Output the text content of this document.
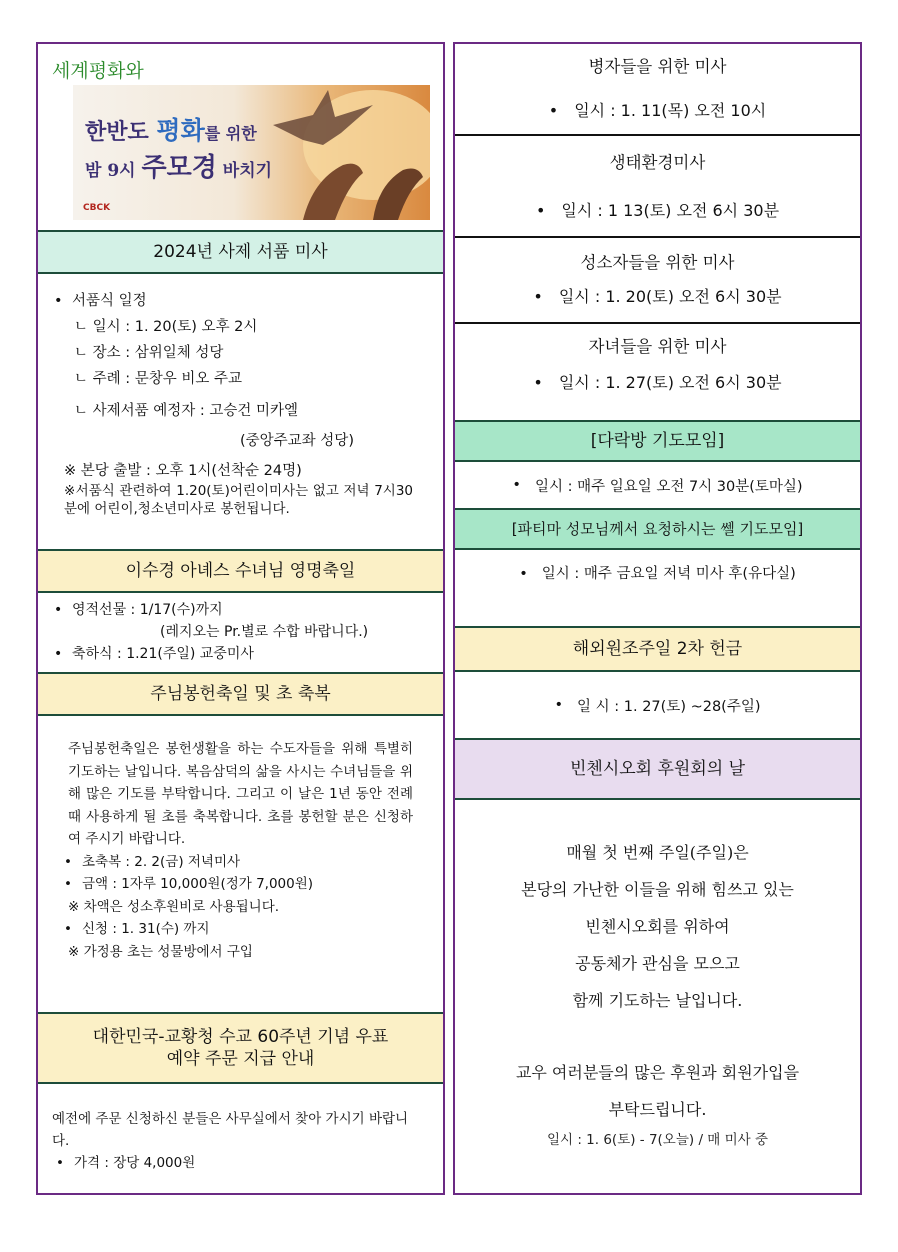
세계평화와
한반도 평화를 위한
밤 9시 주모경 바치기
CBCK
2024년 사제 서품 미사
• 서품식 일정
ㄴ 일시 : 1. 20(토) 오후 2시
ㄴ 장소 : 삼위일체 성당
ㄴ 주례 : 문창우 비오 주교
ㄴ 사제서품 예정자 : 고승건 미카엘
(중앙주교좌 성당)
※ 본당 출발 : 오후 1시(선착순 24명)
※서품식 관련하여 1.20(토)어린이미사는 없고 저녁 7시30분에 어린이,청소년미사로 봉헌됩니다.
이수경 아녜스 수녀님 영명축일
• 영적선물 : 1/17(수)까지
(레지오는 Pr.별로 수합 바랍니다.)
• 축하식 : 1.21(주일) 교중미사
주님봉헌축일 및 초 축복
주님봉헌축일은 봉헌생활을 하는 수도자들을 위해 특별히 기도하는 날입니다. 복음삼덕의 삶을 사시는 수녀님들을 위해 많은 기도를 부탁합니다. 그리고 이 날은 1년 동안 전례때 사용하게 될 초를 축복합니다. 초를 봉헌할 분은 신청하여 주시기 바랍니다.
• 초축복 : 2. 2(금) 저녁미사
• 금액 : 1자루 10,000원(정가 7,000원)
※ 차액은 성소후원비로 사용됩니다.
• 신청 : 1. 31(수) 까지
※ 가정용 초는 성물방에서 구입
대한민국-교황청 수교 60주년 기념 우표
예약 주문 지급 안내
예전에 주문 신청하신 분들은 사무실에서 찾아 가시기 바랍니다.
• 가격 : 장당 4,000원
병자들을 위한 미사
• 일시 : 1. 11(목) 오전 10시
생태환경미사
• 일시 : 1 13(토) 오전 6시 30분
성소자들을 위한 미사
• 일시 : 1. 20(토) 오전 6시 30분
자녀들을 위한 미사
• 일시 : 1. 27(토) 오전 6시 30분
[다락방 기도모임]
• 일시 : 매주 일요일 오전 7시 30분(토마실)
[파티마 성모님께서 요청하시는 쎌 기도모임]
• 일시 : 매주 금요일 저녁 미사 후(유다실)
해외원조주일 2차 헌금
• 일 시 : 1. 27(토) ~28(주일)
빈첸시오회 후원회의 날
매월 첫 번째 주일(주일)은
본당의 가난한 이들을 위해 힘쓰고 있는
빈첸시오회를 위하여
공동체가 관심을 모으고
함께 기도하는 날입니다.
교우 여러분들의 많은 후원과 회원가입을
부탁드립니다.
일시 : 1. 6(토) - 7(오늘) / 매 미사 중
